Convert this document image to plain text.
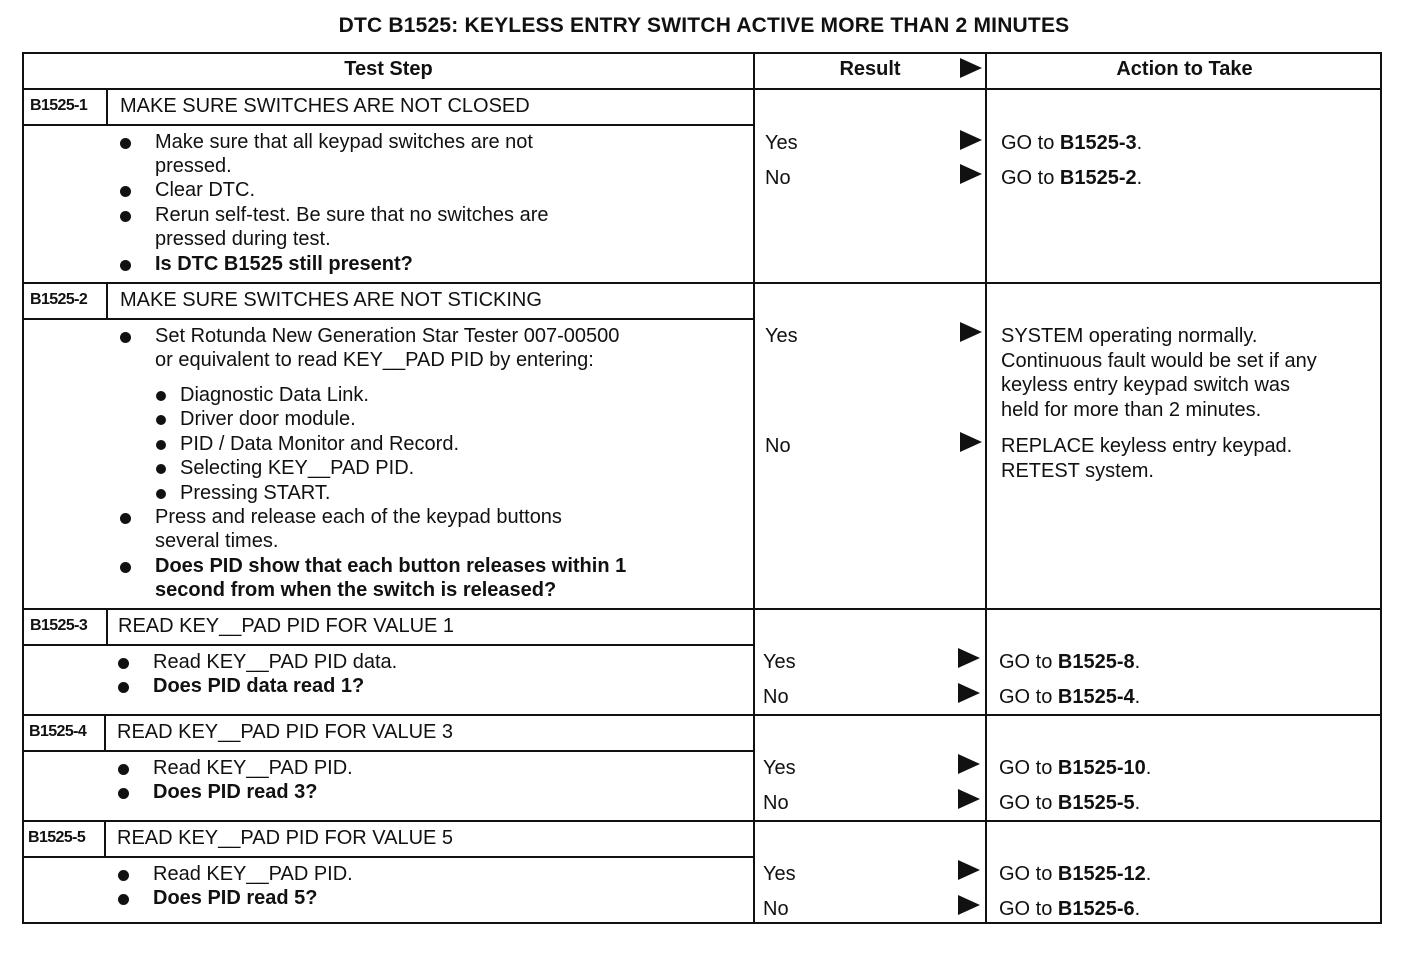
DTC B1525: KEYLESS ENTRY SWITCH ACTIVE MORE THAN 2 MINUTES
Test Step	Result	Action to Take
B1525-1 MAKE SURE SWITCHES ARE NOT CLOSED
Make sure that all keypad switches are not
pressed.
Clear DTC.
Rerun self-test. Be sure that no switches are
pressed during test.
Is DTC B1525 still present?
Yes	GO to B1525-3.
No	GO to B1525-2.
B1525-2 MAKE SURE SWITCHES ARE NOT STICKING
Set Rotunda New Generation Star Tester 007-00500
or equivalent to read KEY__PAD PID by entering:
Diagnostic Data Link.
Driver door module.
PID / Data Monitor and Record.
Selecting KEY__PAD PID.
Pressing START.
Press and release each of the keypad buttons
several times.
Does PID show that each button releases within 1
second from when the switch is released?
Yes	SYSTEM operating normally.
Continuous fault would be set if any
keyless entry keypad switch was
held for more than 2 minutes.
No	REPLACE keyless entry keypad.
RETEST system.
B1525-3 READ KEY__PAD PID FOR VALUE 1
Read KEY__PAD PID data.
Does PID data read 1?
Yes	GO to B1525-8.
No	GO to B1525-4.
B1525-4 READ KEY__PAD PID FOR VALUE 3
Read KEY__PAD PID.
Does PID read 3?
Yes	GO to B1525-10.
No	GO to B1525-5.
B1525-5 READ KEY__PAD PID FOR VALUE 5
Read KEY__PAD PID.
Does PID read 5?
Yes	GO to B1525-12.
No	GO to B1525-6.
